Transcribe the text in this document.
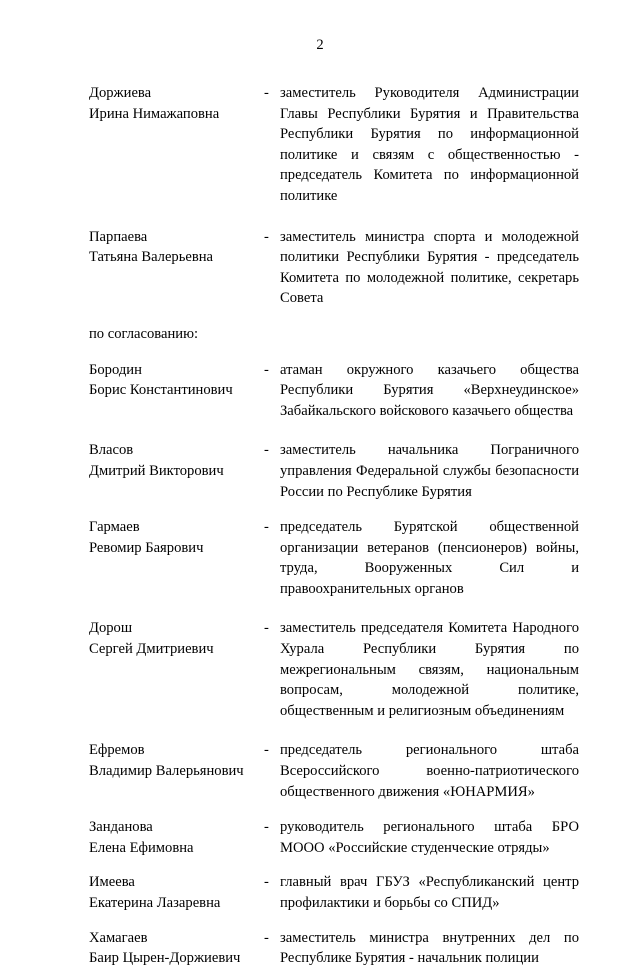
2
Доржиева
Ирина Нимажаповна
- заместитель Руководителя Администрации Главы Республики Бурятия и Правительства Республики Бурятия по информационной политике и связям с общественностью - председатель Комитета по информационной политике
Парпаева
Татьяна Валерьевна
- заместитель министра спорта и молодежной политики Республики Бурятия - председатель Комитета по молодежной политике, секретарь Совета
по согласованию:
Бородин
Борис Константинович
- атаман окружного казачьего общества Республики Бурятия «Верхнеудинское» Забайкальского войскового казачьего общества
Власов
Дмитрий Викторович
- заместитель начальника Пограничного управления Федеральной службы безопасности России по Республике Бурятия
Гармаев
Ревомир Баярович
- председатель Бурятской общественной организации ветеранов (пенсионеров) войны, труда, Вооруженных Сил и правоохранительных органов
Дорош
Сергей Дмитриевич
- заместитель председателя Комитета Народного Хурала Республики Бурятия по межрегиональным связям, национальным вопросам, молодежной политике, общественным и религиозным объединениям
Ефремов
Владимир Валерьянович
- председатель регионального штаба Всероссийского военно-патриотического общественного движения «ЮНАРМИЯ»
Занданова
Елена Ефимовна
- руководитель регионального штаба БРО МООО «Российские студенческие отряды»
Имеева
Екатерина Лазаревна
- главный врач ГБУЗ «Республиканский центр профилактики и борьбы со СПИД»
Хамагаев
Баир Цырен-Доржиевич
- заместитель министра внутренних дел по Республике Бурятия - начальник полиции
